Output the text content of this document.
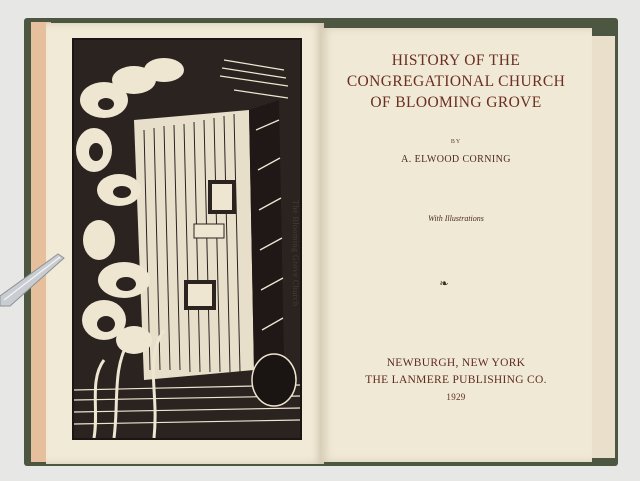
The Blooming Grove Church
HISTORY OF THE
CONGREGATIONAL CHURCH
OF BLOOMING GROVE
BY
A. ELWOOD CORNING
With Illustrations
❧
NEWBURGH, NEW YORK
THE LANMERE PUBLISHING CO.
1929
